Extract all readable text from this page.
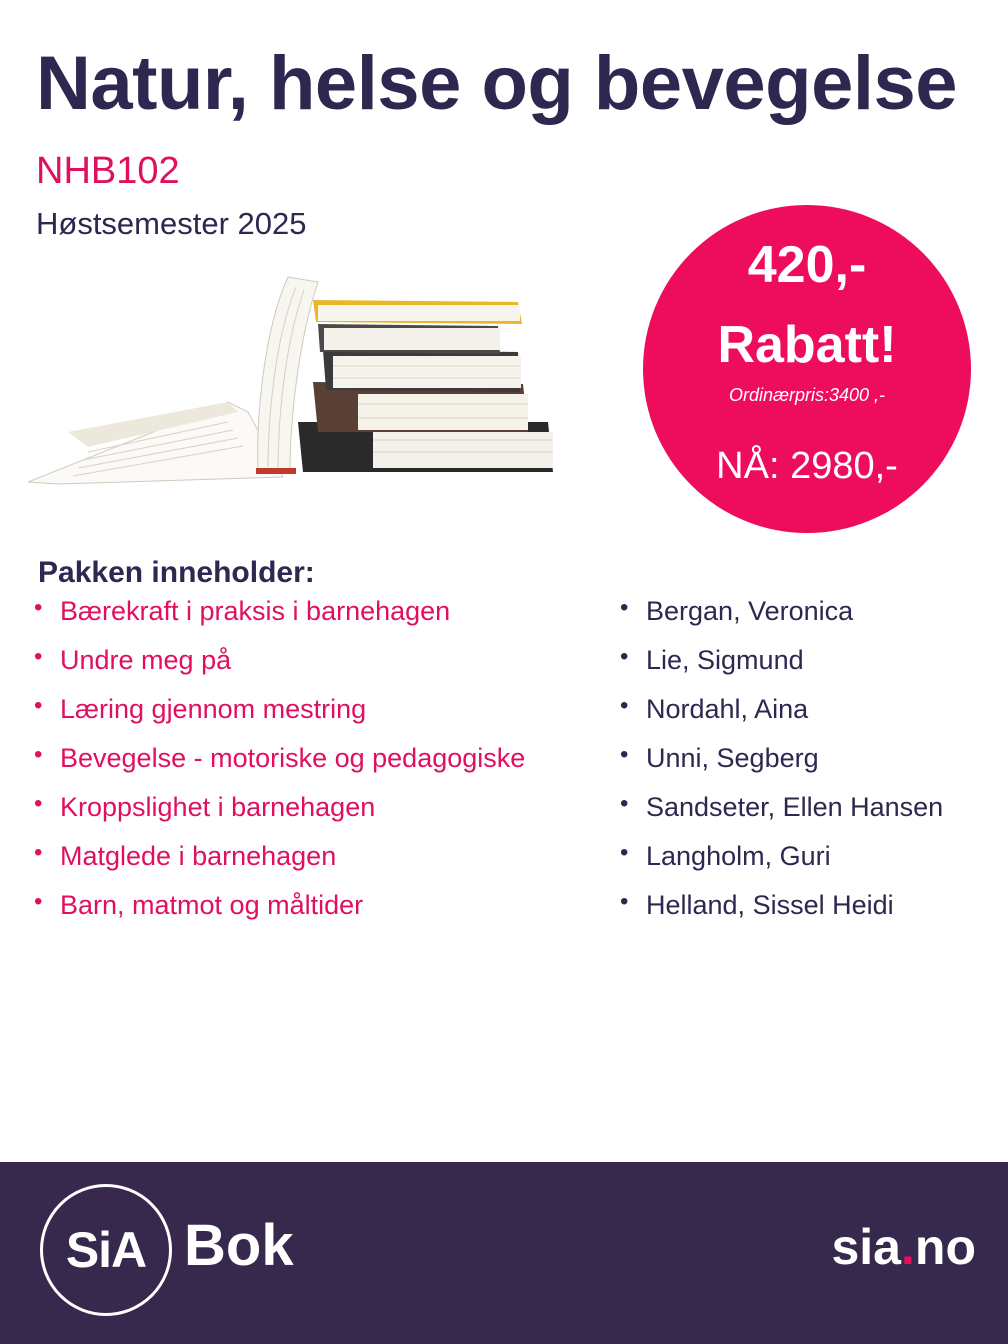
Natur, helse og bevegelse
NHB102
Høstsemester 2025
420,-
Rabatt!
Ordinærpris:3400 ,-
NÅ: 2980,-
Pakken inneholder:
• Bærekraft i praksis i barnehagen
• Undre meg på
• Læring gjennom mestring
• Bevegelse - motoriske og pedagogiske
• Kroppslighet i barnehagen
• Matglede i barnehagen
• Barn, matmot og måltider
• Bergan, Veronica
• Lie, Sigmund
• Nordahl, Aina
• Unni, Segberg
• Sandseter, Ellen Hansen
• Langholm, Guri
• Helland, Sissel Heidi
SiA Bok	sia.no
